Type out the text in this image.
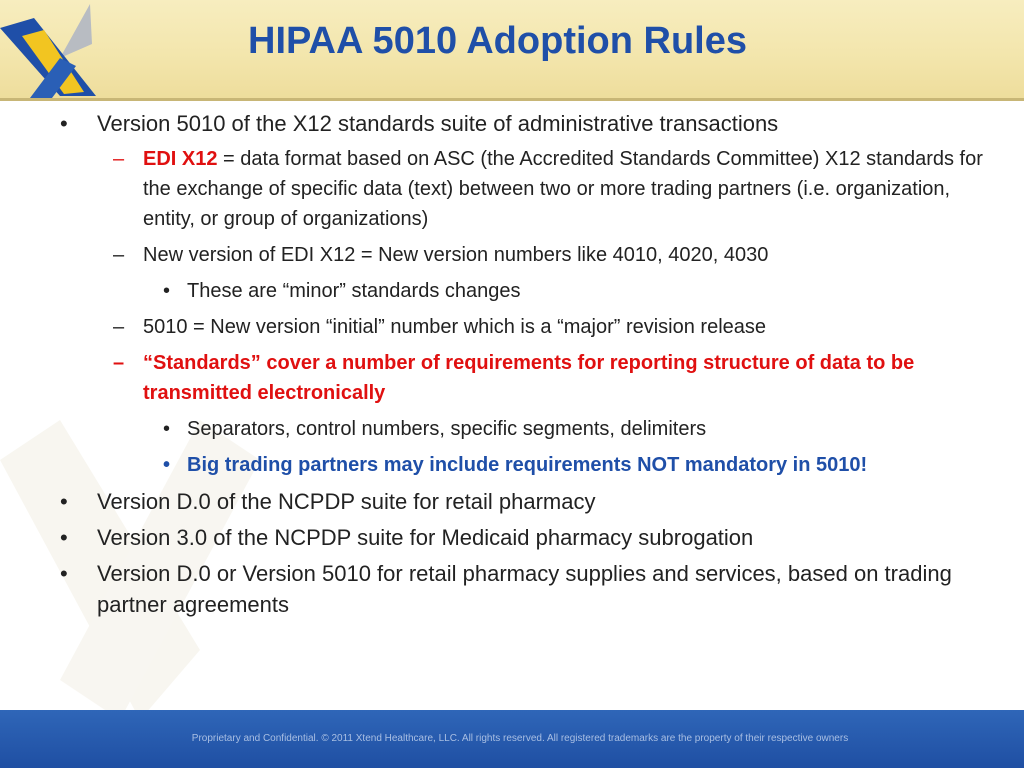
HIPAA 5010 Adoption Rules
• Version 5010 of the X12 standards suite of administrative transactions
– EDI X12 = data format based on ASC (the Accredited Standards Committee) X12 standards for the exchange of specific data (text) between two or more trading partners (i.e. organization, entity, or group of organizations)
– New version of EDI X12 = New version numbers like 4010, 4020, 4030
• These are “minor” standards changes
– 5010 = New version “initial” number which is a “major” revision release
– “Standards” cover a number of requirements for reporting structure of data to be transmitted electronically
• Separators, control numbers, specific segments, delimiters
• Big trading partners may include requirements NOT mandatory in 5010!
• Version D.0 of the NCPDP suite for retail pharmacy
• Version 3.0 of the NCPDP suite for Medicaid pharmacy subrogation
• Version D.0 or Version 5010 for retail pharmacy supplies and services, based on trading partner agreements
Proprietary and Confidential. © 2011 Xtend Healthcare, LLC. All rights reserved. All registered trademarks are the property of their respective owners
